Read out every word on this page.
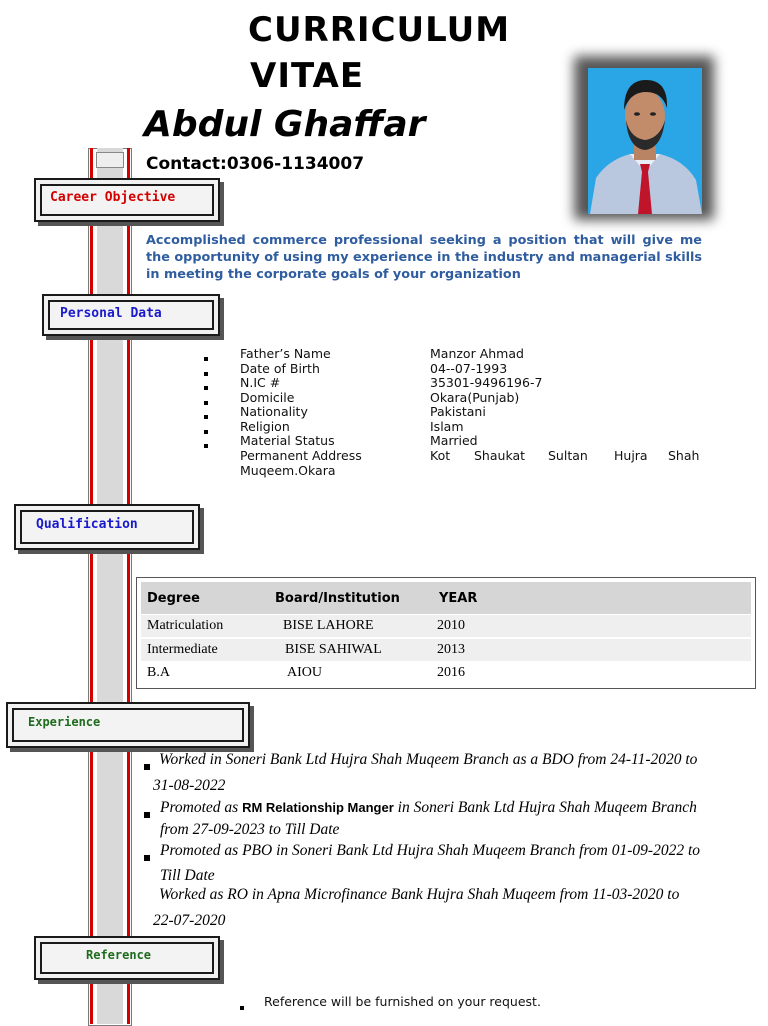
CURRICULUM
VITAE
Abdul Ghaffar
Contact:0306-1134007
Career Objective
Accomplished commerce professional seeking a position that will give me the opportunity of using my experience in the industry and managerial skills in meeting the corporate goals of your organization
Personal Data
Father’s Name	Manzor Ahmad
Date of Birth	04--07-1993
N.IC #	35301-9496196-7
Domicile	Okara(Punjab)
Nationality	Pakistani
Religion	Islam
Material Status	Married
Permanent Address	Kot Shaukat Sultan Hujra Shah
Muqeem.Okara
Qualification
Degree	Board/Institution	YEAR
Matriculation	BISE LAHORE	2010
Intermediate	BISE SAHIWAL	2013
B.A	AIOU	2016
Experience
Worked in Soneri Bank Ltd Hujra Shah Muqeem Branch as a BDO from 24-11-2020 to
31-08-2022
Promoted as RM Relationship Manger in Soneri Bank Ltd Hujra Shah Muqeem Branch
from 27-09-2023 to Till Date
Promoted as PBO in Soneri Bank Ltd Hujra Shah Muqeem Branch from 01-09-2022 to
Till Date
Worked as RO in Apna Microfinance Bank Hujra Shah Muqeem from 11-03-2020 to
22-07-2020
Reference
Reference will be furnished on your request.
